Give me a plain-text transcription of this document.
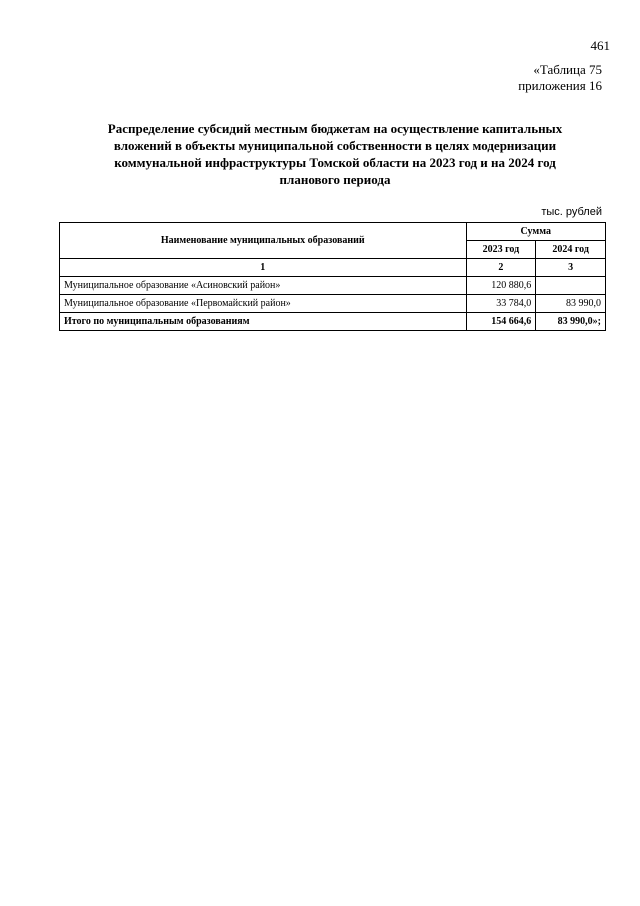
461
«Таблица 75
приложения 16
Распределение субсидий местным бюджетам на осуществление капитальных
вложений в объекты муниципальной собственности в целях модернизации
коммунальной инфраструктуры Томской области на 2023 год и на 2024 год
планового периода
тыс. рублей
Наименование муниципальных образований	Сумма	
	2023 год	2024 год
1	2	3
Муниципальное образование «Асиновский район»	120 880,6	
Муниципальное образование «Первомайский район»	33 784,0	83 990,0
Итого по муниципальным образованиям	154 664,6	83 990,0»;
